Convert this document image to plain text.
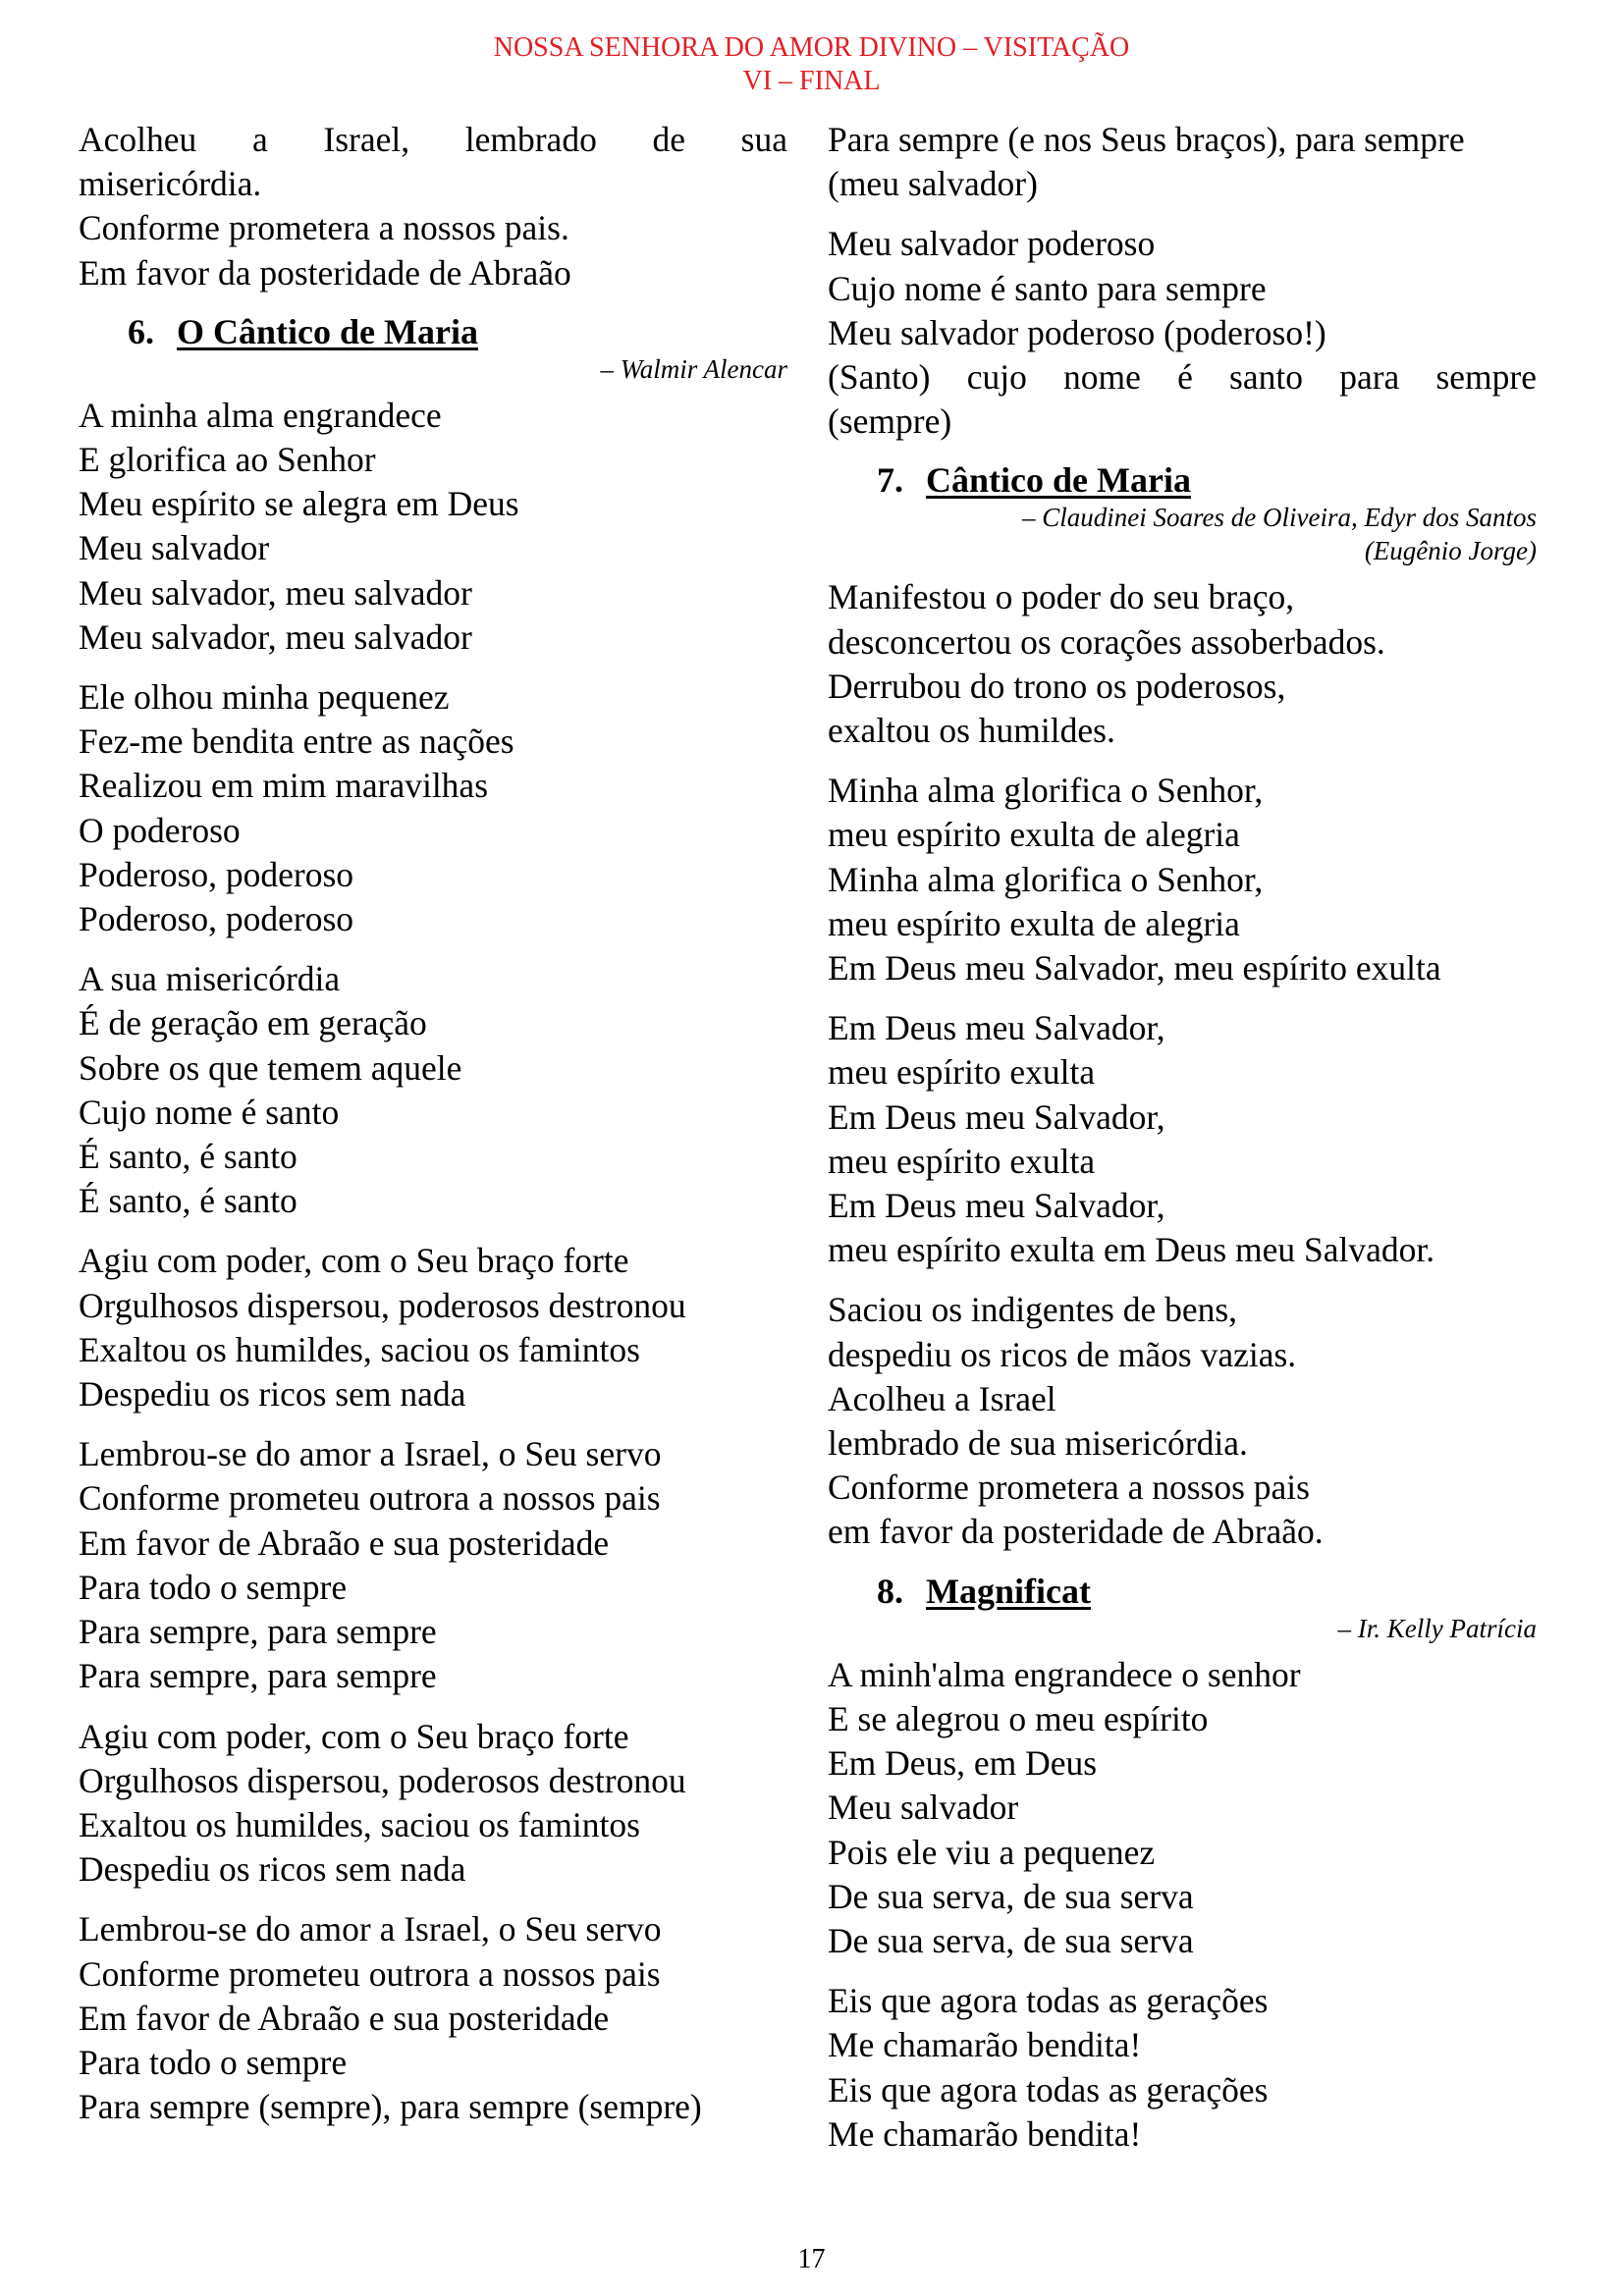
NOSSA SENHORA DO AMOR DIVINO – VISITAÇÃO
VI – FINAL
Acolheu a Israel, lembrado de sua
misericórdia.
Conforme prometera a nossos pais.
Em favor da posteridade de Abraão
6. O Cântico de Maria
– Walmir Alencar
A minha alma engrandece
E glorifica ao Senhor
Meu espírito se alegra em Deus
Meu salvador
Meu salvador, meu salvador
Meu salvador, meu salvador
Ele olhou minha pequenez
Fez-me bendita entre as nações
Realizou em mim maravilhas
O poderoso
Poderoso, poderoso
Poderoso, poderoso
A sua misericórdia
É de geração em geração
Sobre os que temem aquele
Cujo nome é santo
É santo, é santo
É santo, é santo
Agiu com poder, com o Seu braço forte
Orgulhosos dispersou, poderosos destronou
Exaltou os humildes, saciou os famintos
Despediu os ricos sem nada
Lembrou-se do amor a Israel, o Seu servo
Conforme prometeu outrora a nossos pais
Em favor de Abraão e sua posteridade
Para todo o sempre
Para sempre, para sempre
Para sempre, para sempre
Agiu com poder, com o Seu braço forte
Orgulhosos dispersou, poderosos destronou
Exaltou os humildes, saciou os famintos
Despediu os ricos sem nada
Lembrou-se do amor a Israel, o Seu servo
Conforme prometeu outrora a nossos pais
Em favor de Abraão e sua posteridade
Para todo o sempre
Para sempre (sempre), para sempre (sempre)
Para sempre (e nos Seus braços), para sempre
(meu salvador)
Meu salvador poderoso
Cujo nome é santo para sempre
Meu salvador poderoso (poderoso!)
(Santo) cujo nome é santo para sempre
(sempre)
7. Cântico de Maria
– Claudinei Soares de Oliveira, Edyr dos Santos
(Eugênio Jorge)
Manifestou o poder do seu braço,
desconcertou os corações assoberbados.
Derrubou do trono os poderosos,
exaltou os humildes.
Minha alma glorifica o Senhor,
meu espírito exulta de alegria
Minha alma glorifica o Senhor,
meu espírito exulta de alegria
Em Deus meu Salvador, meu espírito exulta
Em Deus meu Salvador,
meu espírito exulta
Em Deus meu Salvador,
meu espírito exulta
Em Deus meu Salvador,
meu espírito exulta em Deus meu Salvador.
Saciou os indigentes de bens,
despediu os ricos de mãos vazias.
Acolheu a Israel
lembrado de sua misericórdia.
Conforme prometera a nossos pais
em favor da posteridade de Abraão.
8. Magnificat
– Ir. Kelly Patrícia
A minh'alma engrandece o senhor
E se alegrou o meu espírito
Em Deus, em Deus
Meu salvador
Pois ele viu a pequenez
De sua serva, de sua serva
De sua serva, de sua serva
Eis que agora todas as gerações
Me chamarão bendita!
Eis que agora todas as gerações
Me chamarão bendita!
17
